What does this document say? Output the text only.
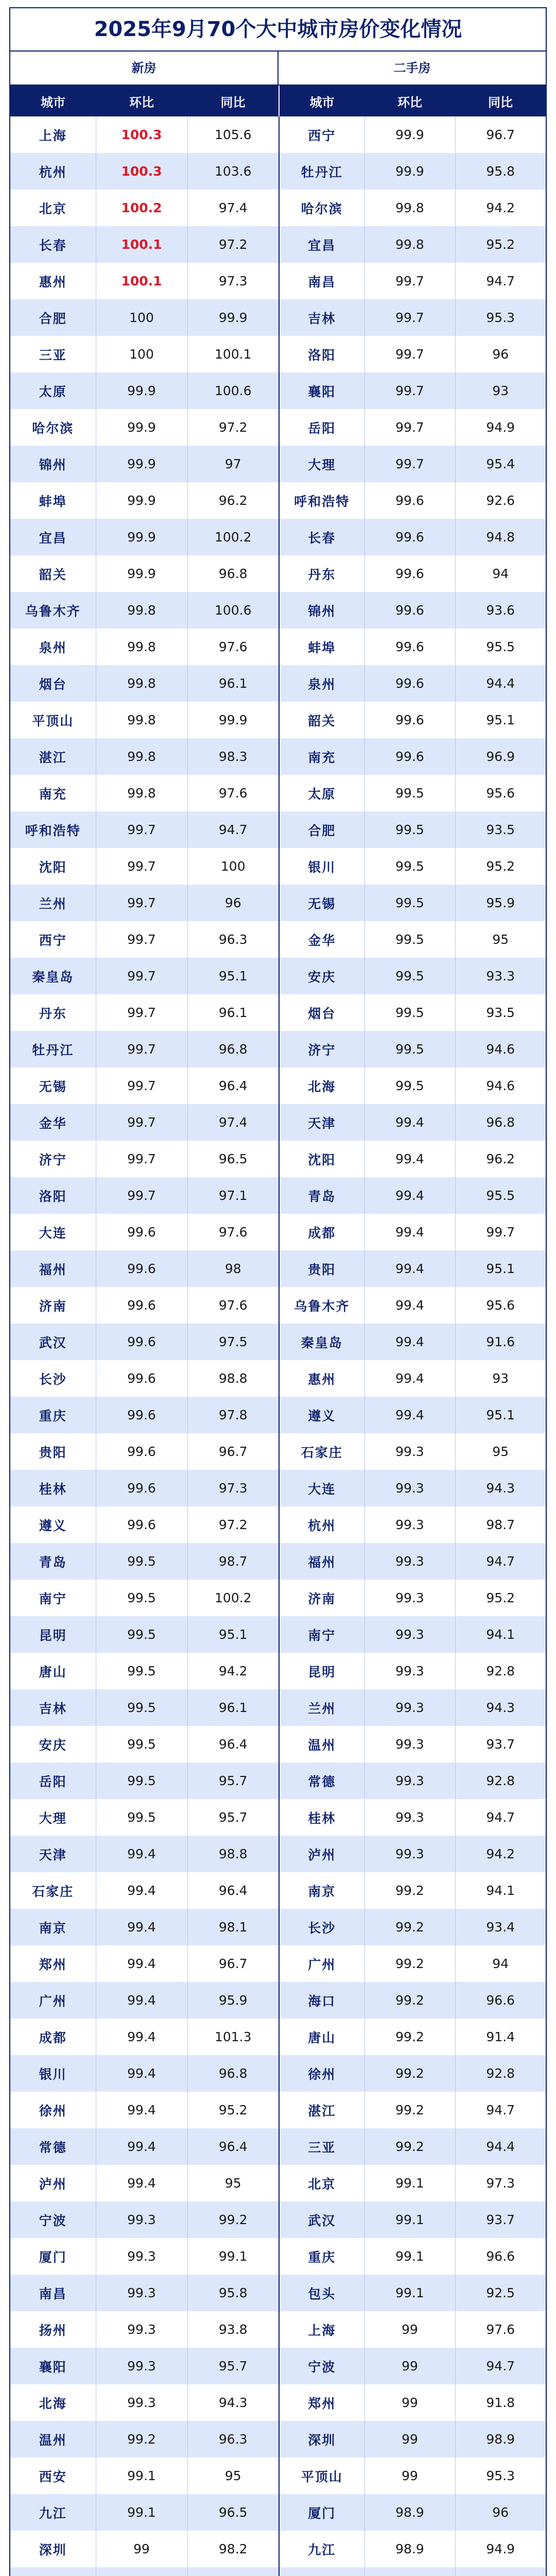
2025年9月70个大中城市房价变化情况
新房	二手房
城市	环比	同比	城市	环比	同比
上海	100.3	105.6	西宁	99.9	96.7
杭州	100.3	103.6	牡丹江	99.9	95.8
北京	100.2	97.4	哈尔滨	99.8	94.2
长春	100.1	97.2	宜昌	99.8	95.2
惠州	100.1	97.3	南昌	99.7	94.7
合肥	100	99.9	吉林	99.7	95.3
三亚	100	100.1	洛阳	99.7	96
太原	99.9	100.6	襄阳	99.7	93
哈尔滨	99.9	97.2	岳阳	99.7	94.9
锦州	99.9	97	大理	99.7	95.4
蚌埠	99.9	96.2	呼和浩特	99.6	92.6
宜昌	99.9	100.2	长春	99.6	94.8
韶关	99.9	96.8	丹东	99.6	94
乌鲁木齐	99.8	100.6	锦州	99.6	93.6
泉州	99.8	97.6	蚌埠	99.6	95.5
烟台	99.8	96.1	泉州	99.6	94.4
平顶山	99.8	99.9	韶关	99.6	95.1
湛江	99.8	98.3	南充	99.6	96.9
南充	99.8	97.6	太原	99.5	95.6
呼和浩特	99.7	94.7	合肥	99.5	93.5
沈阳	99.7	100	银川	99.5	95.2
兰州	99.7	96	无锡	99.5	95.9
西宁	99.7	96.3	金华	99.5	95
秦皇岛	99.7	95.1	安庆	99.5	93.3
丹东	99.7	96.1	烟台	99.5	93.5
牡丹江	99.7	96.8	济宁	99.5	94.6
无锡	99.7	96.4	北海	99.5	94.6
金华	99.7	97.4	天津	99.4	96.8
济宁	99.7	96.5	沈阳	99.4	96.2
洛阳	99.7	97.1	青岛	99.4	95.5
大连	99.6	97.6	成都	99.4	99.7
福州	99.6	98	贵阳	99.4	95.1
济南	99.6	97.6	乌鲁木齐	99.4	95.6
武汉	99.6	97.5	秦皇岛	99.4	91.6
长沙	99.6	98.8	惠州	99.4	93
重庆	99.6	97.8	遵义	99.4	95.1
贵阳	99.6	96.7	石家庄	99.3	95
桂林	99.6	97.3	大连	99.3	94.3
遵义	99.6	97.2	杭州	99.3	98.7
青岛	99.5	98.7	福州	99.3	94.7
南宁	99.5	100.2	济南	99.3	95.2
昆明	99.5	95.1	南宁	99.3	94.1
唐山	99.5	94.2	昆明	99.3	92.8
吉林	99.5	96.1	兰州	99.3	94.3
安庆	99.5	96.4	温州	99.3	93.7
岳阳	99.5	95.7	常德	99.3	92.8
大理	99.5	95.7	桂林	99.3	94.7
天津	99.4	98.8	泸州	99.3	94.2
石家庄	99.4	96.4	南京	99.2	94.1
南京	99.4	98.1	长沙	99.2	93.4
郑州	99.4	96.7	广州	99.2	94
广州	99.4	95.9	海口	99.2	96.6
成都	99.4	101.3	唐山	99.2	91.4
银川	99.4	96.8	徐州	99.2	92.8
徐州	99.4	95.2	湛江	99.2	94.7
常德	99.4	96.4	三亚	99.2	94.4
泸州	99.4	95	北京	99.1	97.3
宁波	99.3	99.2	武汉	99.1	93.7
厦门	99.3	99.1	重庆	99.1	96.6
南昌	99.3	95.8	包头	99.1	92.5
扬州	99.3	93.8	上海	99	97.6
襄阳	99.3	95.7	宁波	99	94.7
北海	99.3	94.3	郑州	99	91.8
温州	99.2	96.3	深圳	99	98.9
西安	99.1	95	平顶山	99	95.3
九江	99.1	96.5	厦门	98.9	96
深圳	99	98.2	九江	98.9	94.9
